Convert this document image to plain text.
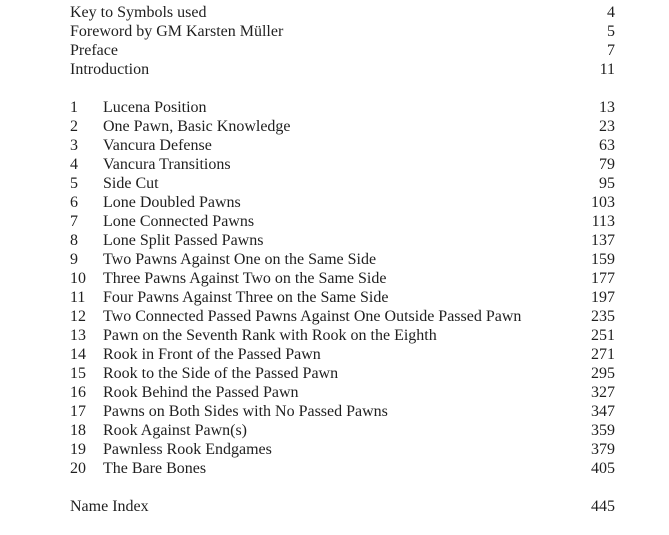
Key to Symbols used	4
Foreword by GM Karsten Müller	5
Preface	7
Introduction	11
1	Lucena Position	13
2	One Pawn, Basic Knowledge	23
3	Vancura Defense	63
4	Vancura Transitions	79
5	Side Cut	95
6	Lone Doubled Pawns	103
7	Lone Connected Pawns	113
8	Lone Split Passed Pawns	137
9	Two Pawns Against One on the Same Side	159
10	Three Pawns Against Two on the Same Side	177
11	Four Pawns Against Three on the Same Side	197
12	Two Connected Passed Pawns Against One Outside Passed Pawn	235
13	Pawn on the Seventh Rank with Rook on the Eighth	251
14	Rook in Front of the Passed Pawn	271
15	Rook to the Side of the Passed Pawn	295
16	Rook Behind the Passed Pawn	327
17	Pawns on Both Sides with No Passed Pawns	347
18	Rook Against Pawn(s)	359
19	Pawnless Rook Endgames	379
20	The Bare Bones	405
Name Index	445
